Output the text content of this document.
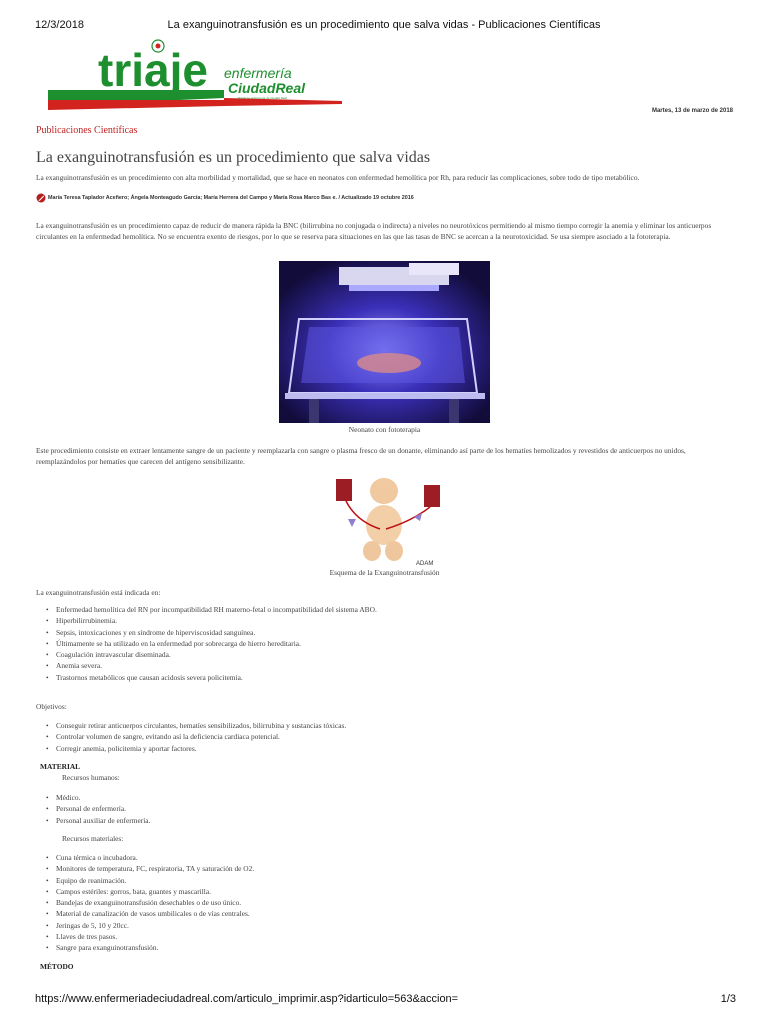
12/3/2018	La exanguinotransfusión es un procedimiento que salva vidas - Publicaciones Científicas
triaje enfermería
CiudadReal
Portal de enfermería de Ciudad Real
Martes, 13 de marzo de 2018
Publicaciones Científicas
La exanguinotransfusión es un procedimiento que salva vidas

La exanguinotransfusión es un procedimiento con alta morbilidad y mortalidad, que se hace en neonatos con enfermedad hemolítica por Rh, para reducir las complicaciones, sobre todo de tipo metabólico.

María Teresa Taplador Aceñero; Ángela Monteagudo García; María Herrera del Campo y María Rosa Marco Bas e. / Actualizado 19 octubre 2016

La exanguinotransfusión es un procedimiento capaz de reducir de manera rápida la BNC (bilirrubina no conjugada o indirecta) a niveles no neurotóxicos permitiendo al mismo tiempo corregir la anemia y eliminar los anticuerpos circulantes en la enfermedad hemolítica. No se encuentra exento de riesgos, por lo que se reserva para situaciones en las que las tasas de BNC se acercan a la neurotoxicidad. Se usa siempre asociado a la fototerapia.

Neonato con fototerapia

Este procedimiento consiste en extraer lentamente sangre de un paciente y reemplazarla con sangre o plasma fresco de un donante, eliminando así parte de los hematíes hemolizados y revestidos de anticuerpos no unidos, reemplazándolos por hematíes que carecen del antígeno sensibilizante.

ADAM
Esquema de la Exanguinotransfusión
La exanguinotransfusión está indicada en:
• Enfermedad hemolítica del RN por incompatibilidad RH materno-fetal o incompatibilidad del sistema ABO.
• Hiperbilirrubinemia.
• Sepsis, intoxicaciones y en síndrome de hiperviscosidad sanguínea.
• Últimamente se ha utilizado en la enfermedad por sobrecarga de hierro hereditaria.
• Coagulación intravascular diseminada.
• Anemia severa.
• Trastornos metabólicos que causan acidosis severa policitemia.
Objetivos:
• Conseguir retirar anticuerpos circulantes, hematíes sensibilizados, bilirrubina y sustancias tóxicas.
• Controlar volumen de sangre, evitando así la deficiencia cardiaca potencial.
• Corregir anemia, policitemia y aportar factores.
MATERIAL
Recursos humanos:
• Médico.
• Personal de enfermería.
• Personal auxiliar de enfermería.
Recursos materiales:
• Cuna térmica o incubadora.
• Monitores de temperatura, FC, respiratoria, TA y saturación de O2.
• Equipo de reanimación.
• Campos estériles: gorros, bata, guantes y mascarilla.
• Bandejas de exanguinotransfusión desechables o de uso único.
• Material de canalización de vasos umbilicales o de vías centrales.
• Jeringas de 5, 10 y 20cc.
• Llaves de tres pasos.
• Sangre para exanguinotransfusión.
MÉTODO
https://www.enfermeriadeciudadreal.com/articulo_imprimir.asp?idarticulo=563&accion=	1/3
